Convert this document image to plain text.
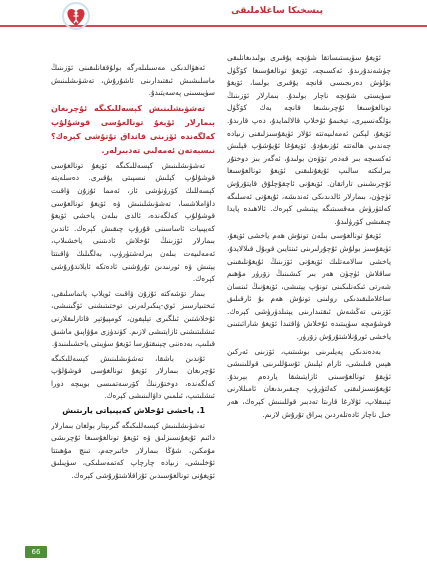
پىسخىكا ساغلاملىقى

ئۆيغۇ سۈيستىساتقا شۇنچە يۇقىرى بولىدىغانلىقى چۈشەندۇرىدۇ. ئەكسىچە، ئۆيغۇ تونالغۇسىغا كۆڭۈل بۆلۈش دەرىجىسى قانچە يۇقىرى بولسا، ئۆيغۇ سۈيستى شۇنچە ناچار بولىدۇ. بىمارلار ئۆزىنىڭ تونالغۇسىغا ئۇچرىشىغا قانچە بەك كۆڭۈل بۆلگەنسېرى، تېخىمۇ ئۈخلاپ قالالمايدۇ، دەپ قارىدۇ. ئۆيغۇ، لېكىن ئەمەلىيەتتە ئۇلار ئۈيقۇسىزلىقنى زىيادە چەندىي ھالەتتە ئۇزىغۇدۇ. ئۆيغۇغا ئۇيۇشۇپ قېلىش ئەكسىچە بىر قەدەر تۆۋەن بولىدۇ، ئەگەر بىز دوختۇر بىرلىكتە سالىپ ئۇيغۇنلىقنى ئۆيغۇ تونالغۇسىغا ئۇچرىشىنى تاراتقان. ئۆيغۇنى ئاچقۇچلۇق قايتۇرۇش ئۈچۈن، بىمارلار ئالدىدىكى ئەندىشە، ئۇيغۇنى ئەسلىگە كەلتۈرۈش مەقسىتىگە يېتىشى كېرەك. ئالاھىدە پايدا چىقىشى كۆرۈلىدۇ.

ئۆيغۇ تونالغۇسى بىلەن تونۇش ھەم ياخشى ئۆيغۇ، ئۈيقۇسىز بولۇش ئۇچۇرلىرىنى ئىنتايىن قوبۇل قىلالايدۇ، ياخشى سالامەتلىك ئۆيغۇنى ئۆزىنىڭ ئۇيغۇنلىقىنى ساقلاش ئۈچۈن ھەر بىر كىشىنىڭ زۆرۈر مۇھىم شەرتى ئىكەنلىكىنى تونۇپ يېتىشى، ئۆيغۇنىڭ ئىنسان ساغلاملىقىدىكى رولىنى تونۇش ھەم بۇ ئارقىلىق ئۆزىنى تەڭشەش ئىقتىدارىنى يېتىلدۈرۈشى كېرەك. قوشۇمچە سۈپىتىدە ئۇخلاش ۋاقتىدا ئۆيغۇ شارائىتىنى ياخشى ئورۇنلاشتۇرۇش زۆرۈر.

بەدەندىكى پەيلىرىنى بوشىتىپ، ئۆزىنى ئەركىن ھېس قىلىشى، ئارام ئېلىش ئۇسۇللىرىنى قوللىنىشى ئۈيقۇ تونالغۇسىنى ئازايتىشقا ياردەم بېرىدۇ. ئۇيغۇنسىزلىقنى كەلتۈرۈپ چىقىرىدىغان ئامىللارنى ئېنىقلاپ، ئۇلارغا قارىتا تەدبىر قوللىنىش كېرەك، ھەر خىل ناچار ئادەتلەردىن يىراق تۇرۇش لازىم.

ئەھۋالدىكى مەسىلىلەرگە بولۇققانلىقىنى ئۆزىنىڭ ماسلىشىش ئىقتىدارىنى ئاشۇرۇش، تەشۋىشلىنىش سۈيىسىنى پەسەيتىدۇ.

تەشۋىشلىنىش كېسەللىكىگە ئۇچرىغان بىمارلار ئۆيغۇ تونالغۇسى قوشۇلۇپ كەلگەندە ئۆزىنى قانداق تۇتۇشى كېرەك؟ نىسبەتەن ئەمەلىي تەدبىرلەر.

تەشۋىشلىنىش كېسەللىكىگە ئۆيغۇ تونالغۇسى قوشۇلۇپ كېلىش نىسپىتى يۇقىرى. دەسلەپتە كېسەللىك كۆرۈنۈشى ئاز، ئەمما ئۇزۇن ۋاقىت داۋاملاشسا، تەشۋىشلىنىش ۋە ئۆيغۇ تونالغۇسى قوشۇلۇپ كەلگەندە، ئالدى بىلەن ياخشى ئۆيغۇ كەيپىيات ئاساسىنى قۇرۇپ چىقىش كېرەك. ئاندىن بىمارلار ئۆزىنىڭ ئۇخلاش ئادىتىنى ياخشىلاپ، ئەمەلىيەت بىلەن بىرلەشتۈرۈپ، بەلگىلىك ۋاقىتتا يېتىش ۋە ئورنىدىن تۇرۇشنى ئادەتكە ئايلاندۇرۇشى كېرەك.

بىمار تۆشەكتە ئۇزۇن ۋاقىت ئويلاپ ياتماسلىقى، ئىختىيارسىز ئوي-پىكىرلەرنى توختىتىشنى ئۆگىنىشى، ئۇخلاشتىن ئىلگىرى تېلېفون، كومپيۇتېر قاتارلىقلارنى ئىشلىتىشنى ئازايتىشى لازىم. كۈندۈزى مۇۋاپىق ماشىق قىلىپ، بەدەننى چېنىقتۇرسا ئۆيغۇ سۈپىتى ياخشىلىنىدۇ.

ئۇندىن باشقا، تەشۋىشلىنىش كېسەللىكىگە ئۇچرىغان بىمارلار ئۆيغۇ تونالغۇسى قوشۇلۇپ كەلگەندە، دوختۇرنىڭ كۆرسەتمىسى بويىچە دورا ئىشلىتىپ، ئىلمىي داۋالىنىشى كېرەك.

1. ياخشى ئۇخلاش كەيپىياتى يارىتىش

تەشۋىشلىنىش كېسەللىكىگە گىرىپتار بولغان بىمارلار دائىم ئۇيغۇنسىزلىق ۋە ئۆيغۇ تونالغۇسىغا ئۇچرىشى مۇمكىن، شۇڭا بىمارلار خاتىرجەم، تىنچ مۇھىتتا ئۇخلىشى، زىيادە چارچاپ كەتمەسلىكى، سۈيىلىق ئۆيغۇنى تونالغۇسىدىن ئۇزاقلاشتۇرۇشى كېرەك.

66
